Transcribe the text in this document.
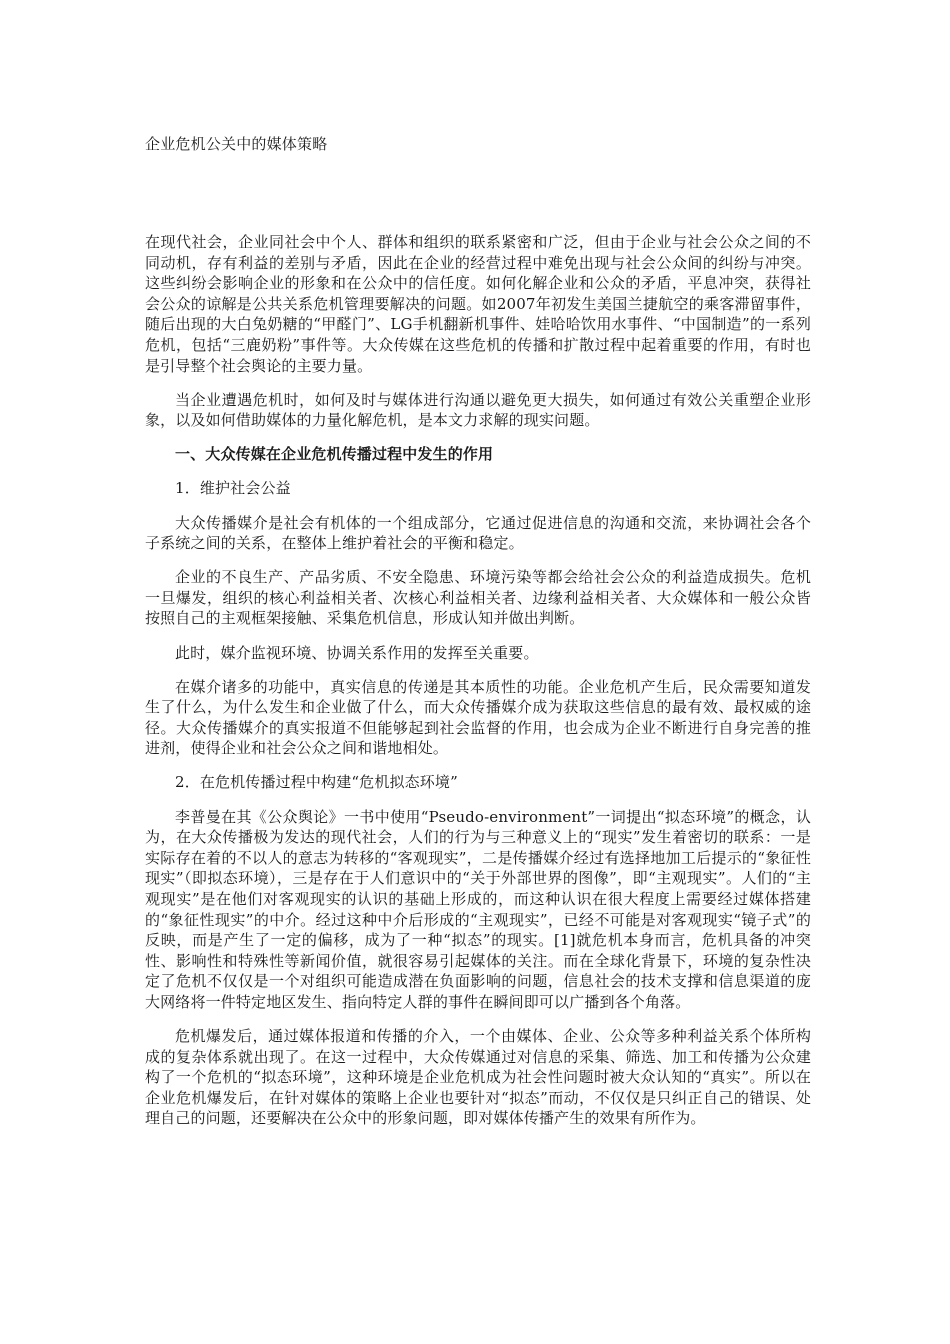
企业危机公关中的媒体策略

在现代社会，企业同社会中个人、群体和组织的联系紧密和广泛，但由于企业与社会公众之间的不同动机，存有利益的差别与矛盾，因此在企业的经营过程中难免出现与社会公众间的纠纷与冲突。这些纠纷会影响企业的形象和在公众中的信任度。如何化解企业和公众的矛盾，平息冲突，获得社会公众的谅解是公共关系危机管理要解决的问题。如2007年初发生美国兰捷航空的乘客滞留事件，随后出现的大白兔奶糖的“甲醛门”、LG手机翻新机事件、娃哈哈饮用水事件、“中国制造”的一系列危机，包括“三鹿奶粉”事件等。大众传媒在这些危机的传播和扩散过程中起着重要的作用，有时也是引导整个社会舆论的主要力量。

当企业遭遇危机时，如何及时与媒体进行沟通以避免更大损失，如何通过有效公关重塑企业形象，以及如何借助媒体的力量化解危机，是本文力求解的现实问题。

一、大众传媒在企业危机传播过程中发生的作用

1．维护社会公益

大众传播媒介是社会有机体的一个组成部分，它通过促进信息的沟通和交流，来协调社会各个子系统之间的关系，在整体上维护着社会的平衡和稳定。

企业的不良生产、产品劣质、不安全隐患、环境污染等都会给社会公众的利益造成损失。危机一旦爆发，组织的核心利益相关者、次核心利益相关者、边缘利益相关者、大众媒体和一般公众皆按照自己的主观框架接触、采集危机信息，形成认知并做出判断。

此时，媒介监视环境、协调关系作用的发挥至关重要。

在媒介诸多的功能中，真实信息的传递是其本质性的功能。企业危机产生后，民众需要知道发生了什么，为什么发生和企业做了什么，而大众传播媒介成为获取这些信息的最有效、最权威的途径。大众传播媒介的真实报道不但能够起到社会监督的作用，也会成为企业不断进行自身完善的推进剂，使得企业和社会公众之间和谐地相处。

2．在危机传播过程中构建“危机拟态环境”

李普曼在其《公众舆论》一书中使用“Pseudo-environment”一词提出“拟态环境”的概念，认为，在大众传播极为发达的现代社会，人们的行为与三种意义上的“现实”发生着密切的联系：一是实际存在着的不以人的意志为转移的“客观现实”，二是传播媒介经过有选择地加工后提示的“象征性现实”（即拟态环境），三是存在于人们意识中的“关于外部世界的图像”，即“主观现实”。人们的“主观现实”是在他们对客观现实的认识的基础上形成的，而这种认识在很大程度上需要经过媒体搭建的“象征性现实”的中介。经过这种中介后形成的“主观现实”，已经不可能是对客观现实“镜子式”的反映，而是产生了一定的偏移，成为了一种“拟态”的现实。[1]就危机本身而言，危机具备的冲突性、影响性和特殊性等新闻价值，就很容易引起媒体的关注。而在全球化背景下，环境的复杂性决定了危机不仅仅是一个对组织可能造成潜在负面影响的问题，信息社会的技术支撑和信息渠道的庞大网络将一件特定地区发生、指向特定人群的事件在瞬间即可以广播到各个角落。

危机爆发后，通过媒体报道和传播的介入，一个由媒体、企业、公众等多种利益关系个体所构成的复杂体系就出现了。在这一过程中，大众传媒通过对信息的采集、筛选、加工和传播为公众建构了一个危机的“拟态环境”，这种环境是企业危机成为社会性问题时被大众认知的“真实”。所以在企业危机爆发后，在针对媒体的策略上企业也要针对“拟态”而动，不仅仅是只纠正自己的错误、处理自己的问题，还要解决在公众中的形象问题，即对媒体传播产生的效果有所作为。
